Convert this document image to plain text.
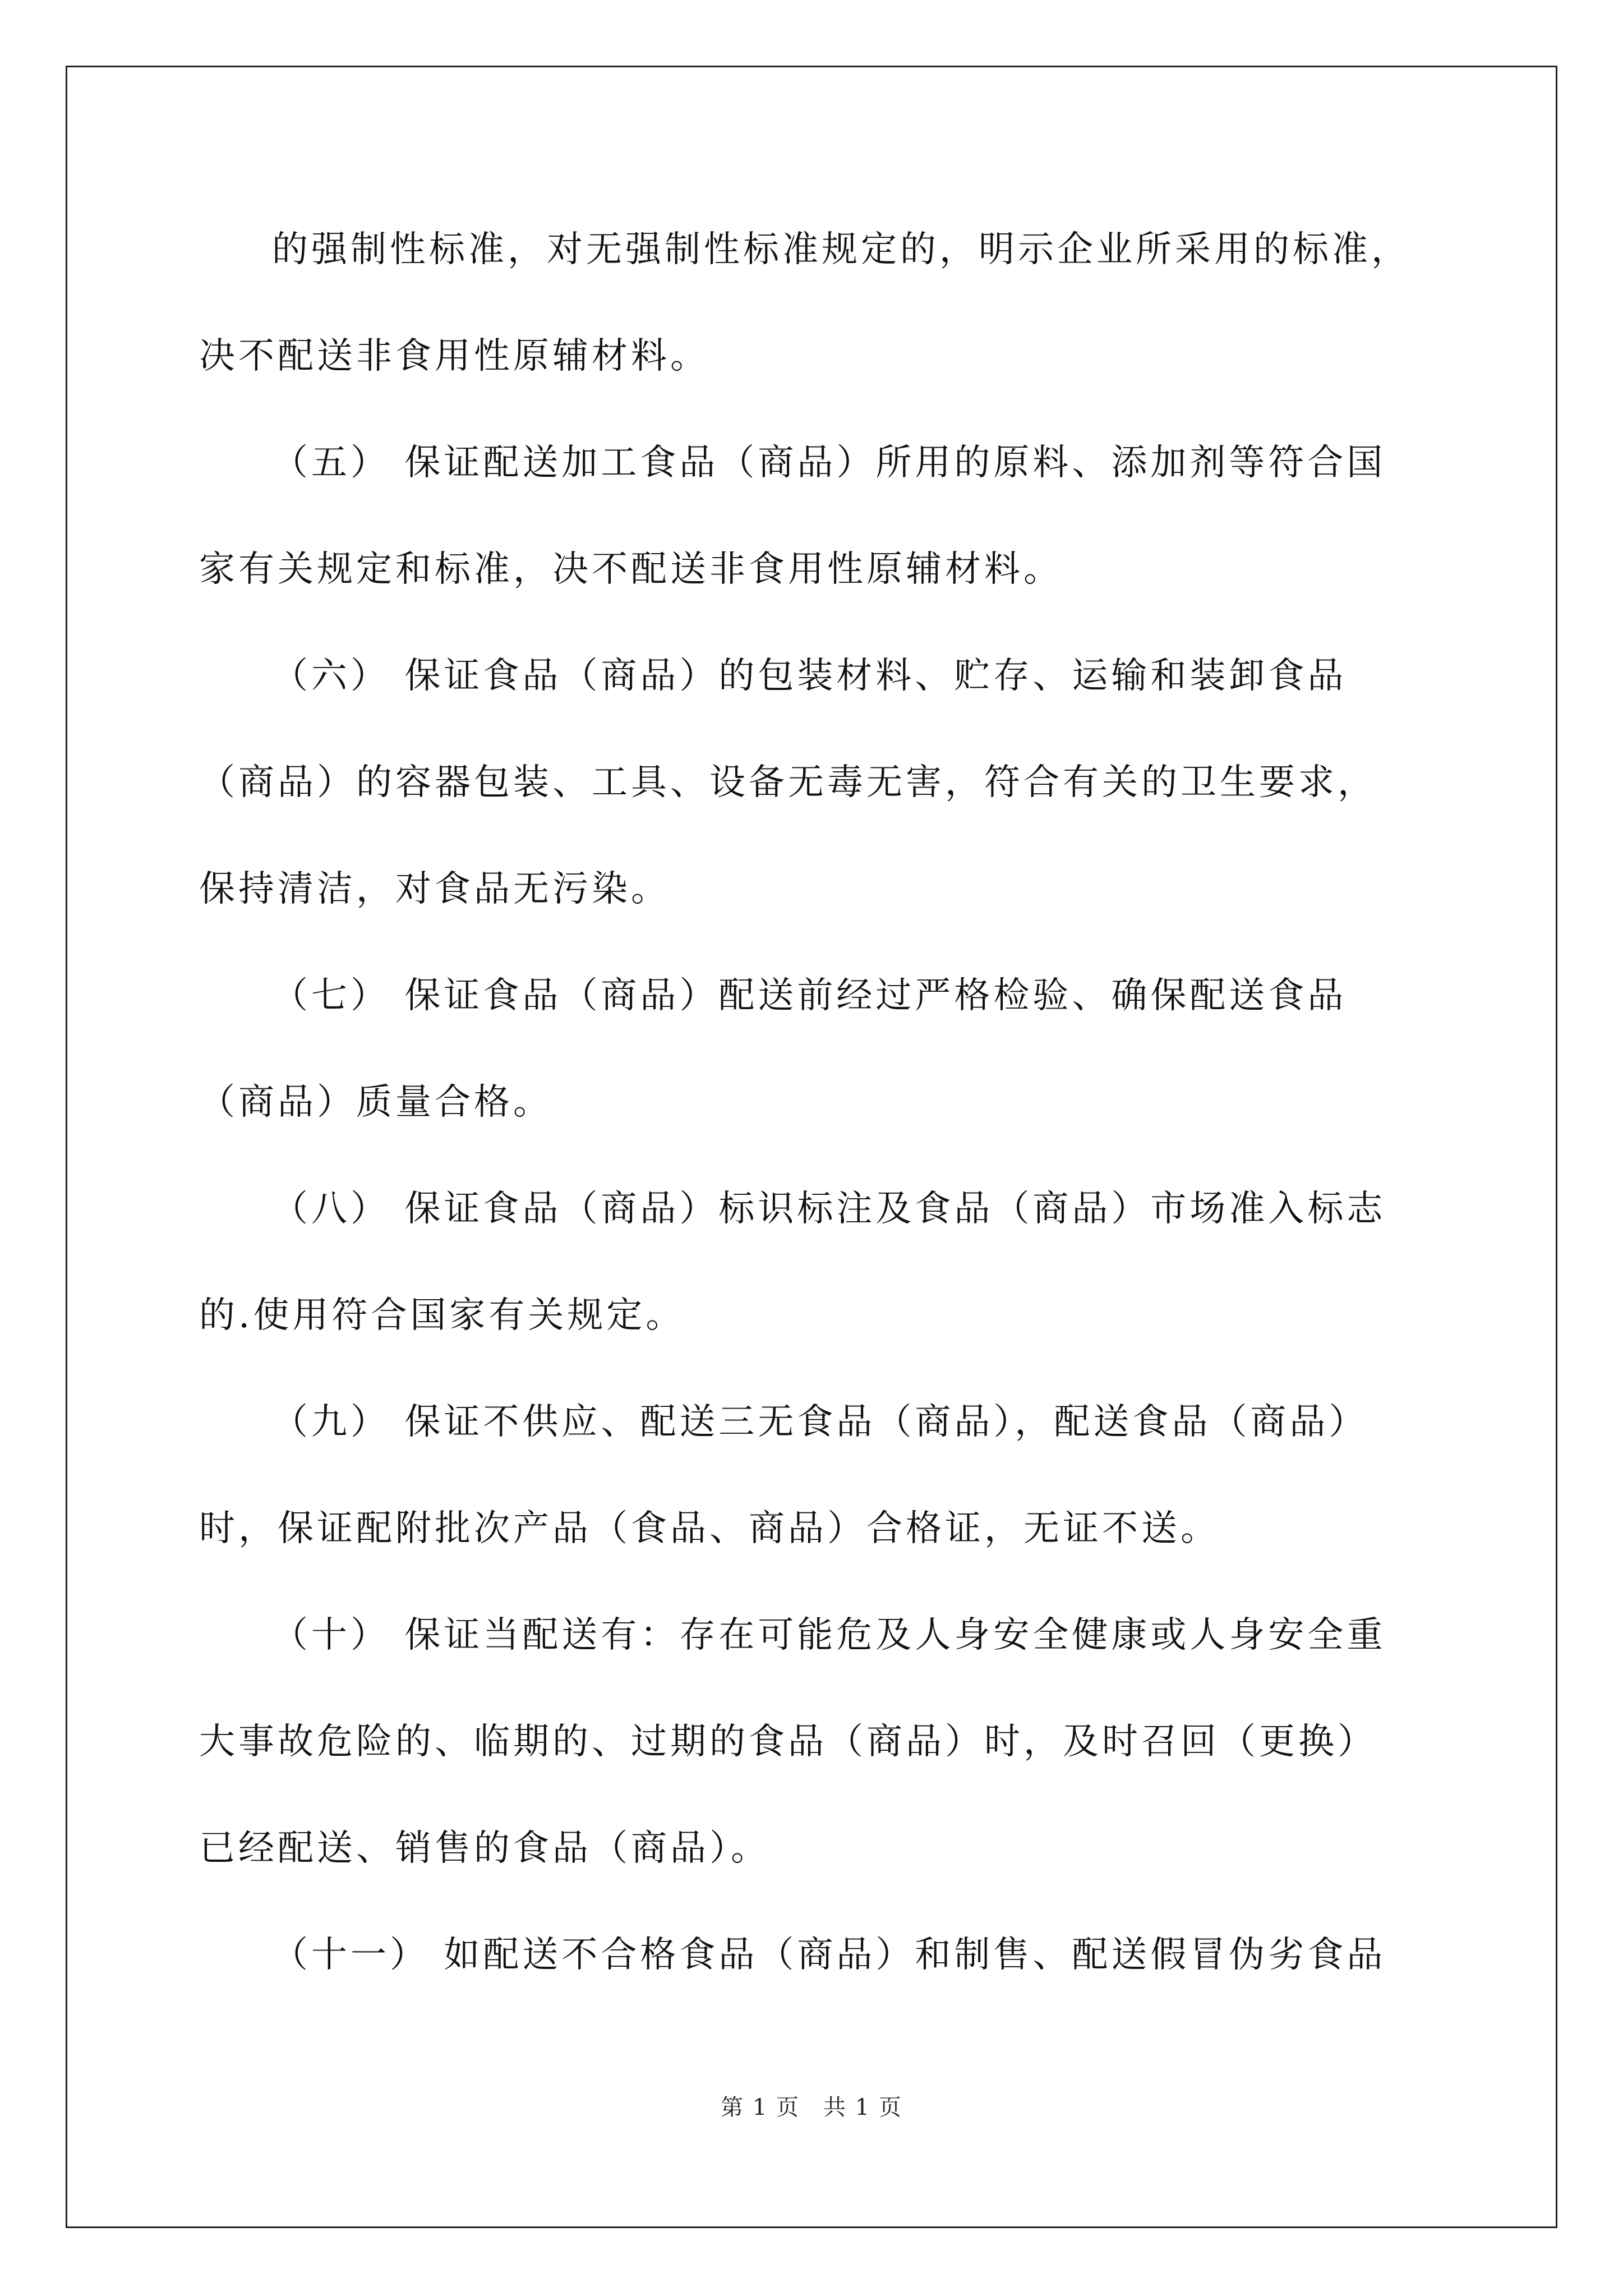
的强制性标准，对无强制性标准规定的，明示企业所采用的标准，
决不配送非食用性原辅材料。
（五） 保证配送加工食品（商品）所用的原料、添加剂等符合国
家有关规定和标准，决不配送非食用性原辅材料。
（六） 保证食品（商品）的包装材料、贮存、运输和装卸食品
（商品）的容器包装、工具、设备无毒无害，符合有关的卫生要求，
保持清洁，对食品无污染。
（七） 保证食品（商品）配送前经过严格检验、确保配送食品
（商品）质量合格。
（八） 保证食品（商品）标识标注及食品（商品）市场准入标志
的.使用符合国家有关规定。
（九） 保证不供应、配送三无食品（商品），配送食品（商品）
时，保证配附批次产品（食品、商品）合格证，无证不送。
（十） 保证当配送有：存在可能危及人身安全健康或人身安全重
大事故危险的、临期的、过期的食品（商品）时，及时召回（更换）
已经配送、销售的食品（商品）。
（十一） 如配送不合格食品（商品）和制售、配送假冒伪劣食品
第 1 页　共 1 页
